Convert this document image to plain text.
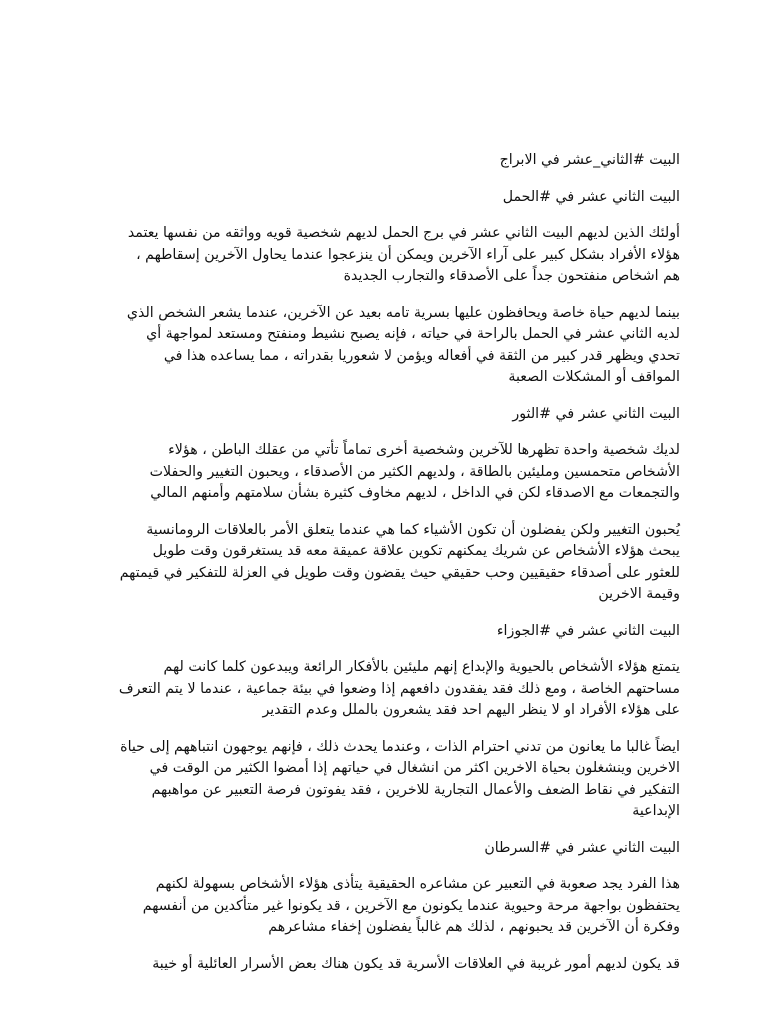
البيت #الثاني_عشر في الابراج

البيت الثاني عشر في #الحمل

أولئك الذين لديهم البيت الثاني عشر في برج الحمل لديهم شخصية قويه وواثقه من نفسها يعتمد
هؤلاء الأفراد بشكل كبير على آراء الآخرين ويمكن أن ينزعجوا عندما يحاول الآخرين إسقاطهم ،
هم اشخاص منفتحون جداً على الأصدقاء والتجارب الجديدة

بينما لديهم حياة خاصة ويحافظون عليها بسرية تامه بعيد عن الآخرين، عندما يشعر الشخص الذي
لديه الثاني عشر في الحمل بالراحة في حياته ، فإنه يصبح نشيط ومنفتح ومستعد لمواجهة أي
تحدي ويظهر قدر كبير من الثقة في أفعاله ويؤمن لا شعوريا بقدراته ، مما يساعده هذا في
المواقف أو المشكلات الصعبة

البيت الثاني عشر في #الثور

لديك شخصية واحدة تظهرها للآخرين وشخصية أخرى تماماً تأتي من عقلك الباطن ، هؤلاء
الأشخاص متحمسين ومليئين بالطاقة ، ولديهم الكثير من الأصدقاء ، ويحبون التغيير والحفلات
والتجمعات مع الاصدقاء لكن في الداخل ، لديهم مخاوف كثيرة بشأن سلامتهم وأمنهم المالي

يُحبون التغيير ولكن يفضلون أن تكون الأشياء كما هي عندما يتعلق الأمر بالعلاقات الرومانسية
يبحث هؤلاء الأشخاص عن شريك يمكنهم تكوين علاقة عميقة معه قد يستغرقون وقت طويل
للعثور على أصدقاء حقيقيين وحب حقيقي حيث يقضون وقت طويل في العزلة للتفكير في قيمتهم
وقيمة الاخرين

البيت الثاني عشر في #الجوزاء

يتمتع هؤلاء الأشخاص بالحيوية والإبداع إنهم مليئين بالأفكار الرائعة ويبدعون كلما كانت لهم
مساحتهم الخاصة ، ومع ذلك فقد يفقدون دافعهم إذا وضعوا في بيئة جماعية ، عندما لا يتم التعرف
على هؤلاء الأفراد او لا ينظر اليهم احد فقد يشعرون بالملل وعدم التقدير

ايضاً غالبا ما يعانون من تدني احترام الذات ، وعندما يحدث ذلك ، فإنهم يوجهون انتباههم إلى حياة
الاخرين وينشغلون بحياة الاخرين اكثر من انشغال في حياتهم إذا أمضوا الكثير من الوقت في
التفكير في نقاط الضعف والأعمال التجارية للاخرين ، فقد يفوتون فرصة التعبير عن مواهبهم
الإبداعية

البيت الثاني عشر في #السرطان

هذا الفرد يجد صعوبة في التعبير عن مشاعره الحقيقية يتأذى هؤلاء الأشخاص بسهولة لكنهم
يحتفظون بواجهة مرحة وحيوية عندما يكونون مع الآخرين ، قد يكونوا غير متأكدين من أنفسهم
وفكرة أن الآخرين قد يحبونهم ، لذلك هم غالباً يفضلون إخفاء مشاعرهم

قد يكون لديهم أمور غريبة في العلاقات الأسرية قد يكون هناك بعض الأسرار العائلية أو خيبة
